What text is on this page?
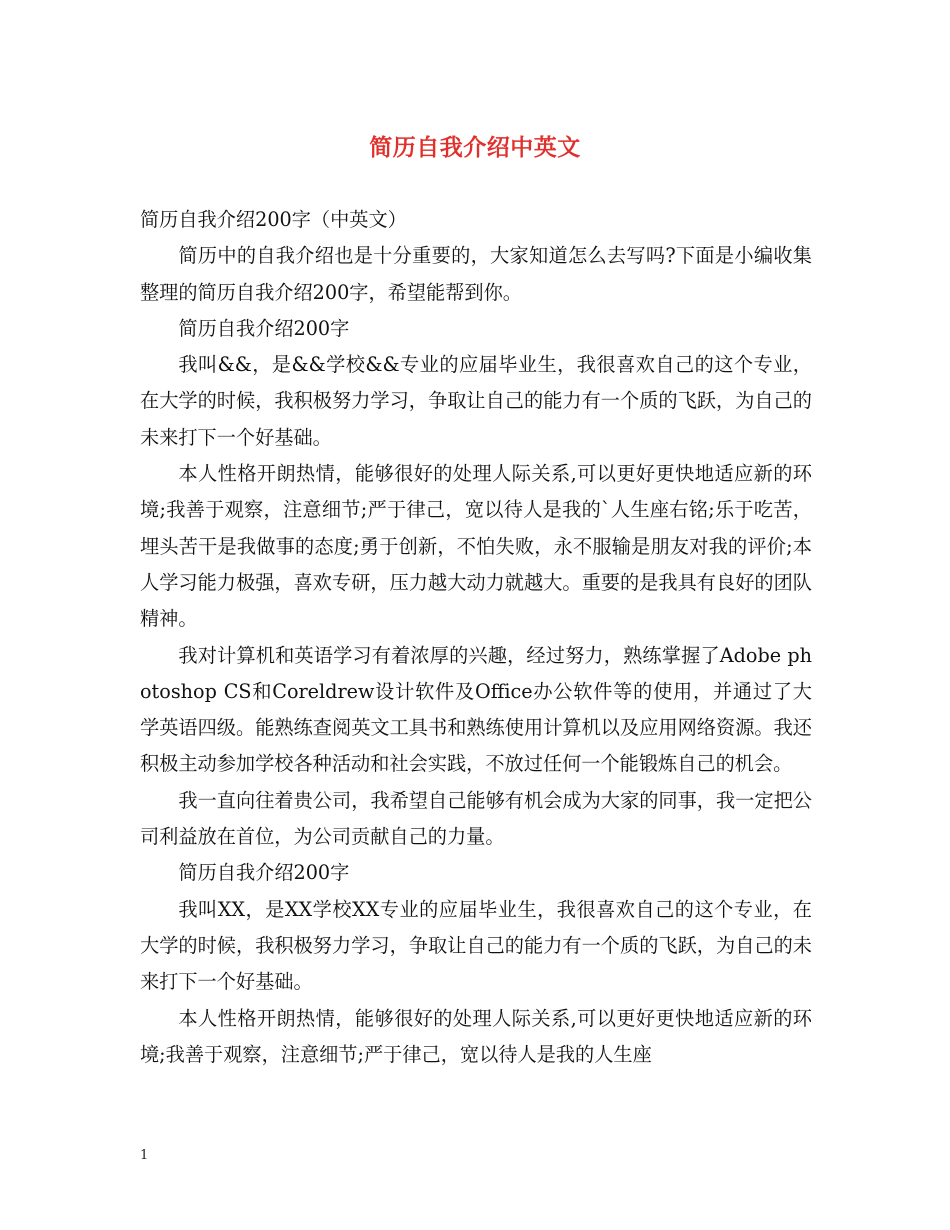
简历自我介绍中英文

简历自我介绍200字（中英文）

简历中的自我介绍也是十分重要的，大家知道怎么去写吗?下面是小编收集整理的简历自我介绍200字，希望能帮到你。

简历自我介绍200字

我叫&&，是&&学校&&专业的应届毕业生，我很喜欢自己的这个专业，在大学的时候，我积极努力学习，争取让自己的能力有一个质的飞跃，为自己的未来打下一个好基础。

本人性格开朗热情，能够很好的处理人际关系,可以更好更快地适应新的环境;我善于观察，注意细节;严于律己，宽以待人是我的`人生座右铭;乐于吃苦，埋头苦干是我做事的态度;勇于创新，不怕失败，永不服输是朋友对我的评价;本人学习能力极强，喜欢专研，压力越大动力就越大。重要的是我具有良好的团队精神。

我对计算机和英语学习有着浓厚的兴趣，经过努力，熟练掌握了Adobe photoshop CS和Coreldrew设计软件及Office办公软件等的使用，并通过了大学英语四级。能熟练查阅英文工具书和熟练使用计算机以及应用网络资源。我还积极主动参加学校各种活动和社会实践，不放过任何一个能锻炼自己的机会。

我一直向往着贵公司，我希望自己能够有机会成为大家的同事，我一定把公司利益放在首位，为公司贡献自己的力量。

简历自我介绍200字

我叫XX，是XX学校XX专业的应届毕业生，我很喜欢自己的这个专业，在大学的时候，我积极努力学习，争取让自己的能力有一个质的飞跃，为自己的未来打下一个好基础。

本人性格开朗热情，能够很好的处理人际关系,可以更好更快地适应新的环境;我善于观察，注意细节;严于律己，宽以待人是我的人生座

1
